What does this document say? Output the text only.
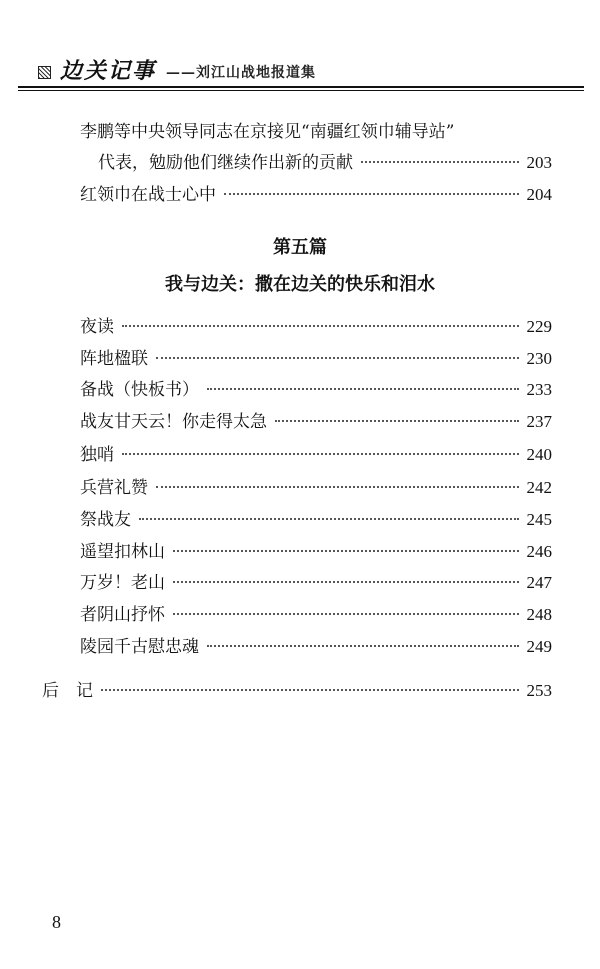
边关记事 ——刘江山战地报道集
李鹏等中央领导同志在京接见“南疆红领巾辅导站”
代表，勉励他们继续作出新的贡献	203
红领巾在战士心中	204
第五篇
我与边关：撒在边关的快乐和泪水
夜读	229
阵地楹联	230
备战（快板书）	233
战友甘天云！你走得太急	237
独哨	240
兵营礼赞	242
祭战友	245
遥望扣林山	246
万岁！老山	247
者阴山抒怀	248
陵园千古慰忠魂	249
后　记	253
8
